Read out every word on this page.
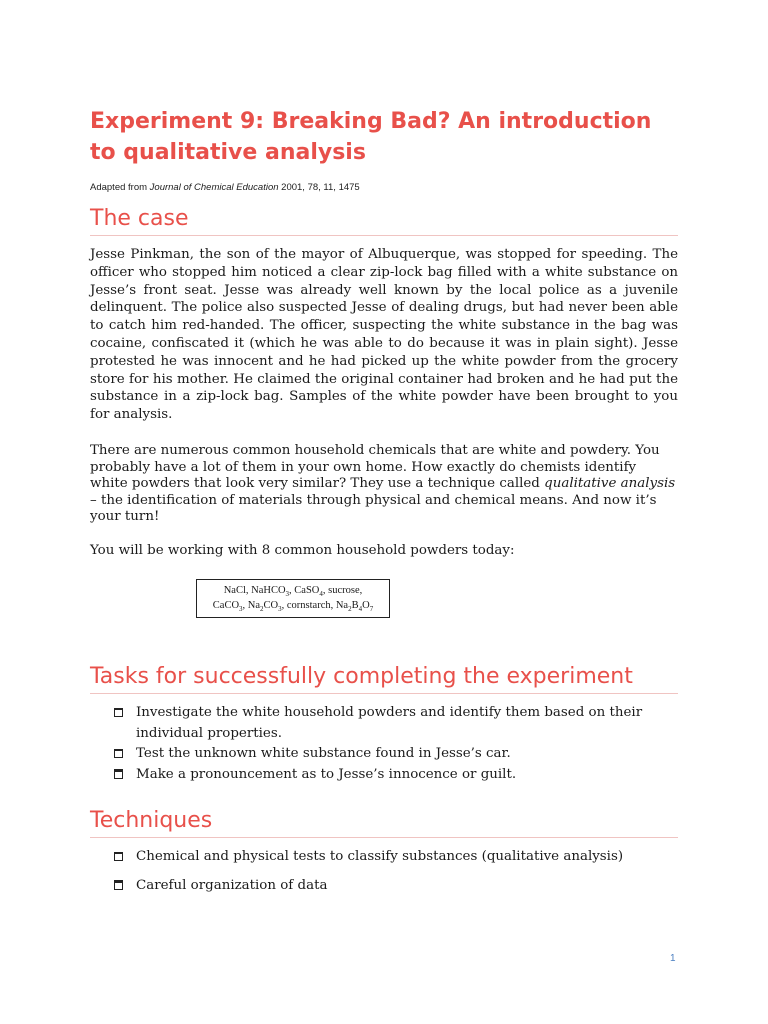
Experiment 9: Breaking Bad? An introduction to qualitative analysis
Adapted from Journal of Chemical Education 2001, 78, 11, 1475
The case

Jesse Pinkman, the son of the mayor of Albuquerque, was stopped for speeding. The officer who stopped him noticed a clear zip-lock bag filled with a white substance on Jesse’s front seat. Jesse was already well known by the local police as a juvenile delinquent. The police also suspected Jesse of dealing drugs, but had never been able to catch him red-handed. The officer, suspecting the white substance in the bag was cocaine, confiscated it (which he was able to do because it was in plain sight). Jesse protested he was innocent and he had picked up the white powder from the grocery store for his mother. He claimed the original container had broken and he had put the substance in a zip-lock bag. Samples of the white powder have been brought to you for analysis.

There are numerous common household chemicals that are white and powdery. You probably have a lot of them in your own home. How exactly do chemists identify white powders that look very similar? They use a technique called qualitative analysis – the identification of materials through physical and chemical means. And now it’s your turn!

You will be working with 8 common household powders today:

Tasks for successfully completing the experiment
Investigate the white household powders and identify them based on their individual properties.
Test the unknown white substance found in Jesse’s car.
Make a pronouncement as to Jesse’s innocence or guilt.
Techniques
Chemical and physical tests to classify substances (qualitative analysis)
Careful organization of data
NaCl, NaHCO$_3$, CaSO$_4$, sucrose,
CaCO$_3$, $Na_2CO_3$, cornstarch, $Na_2B_4O_7$
1
